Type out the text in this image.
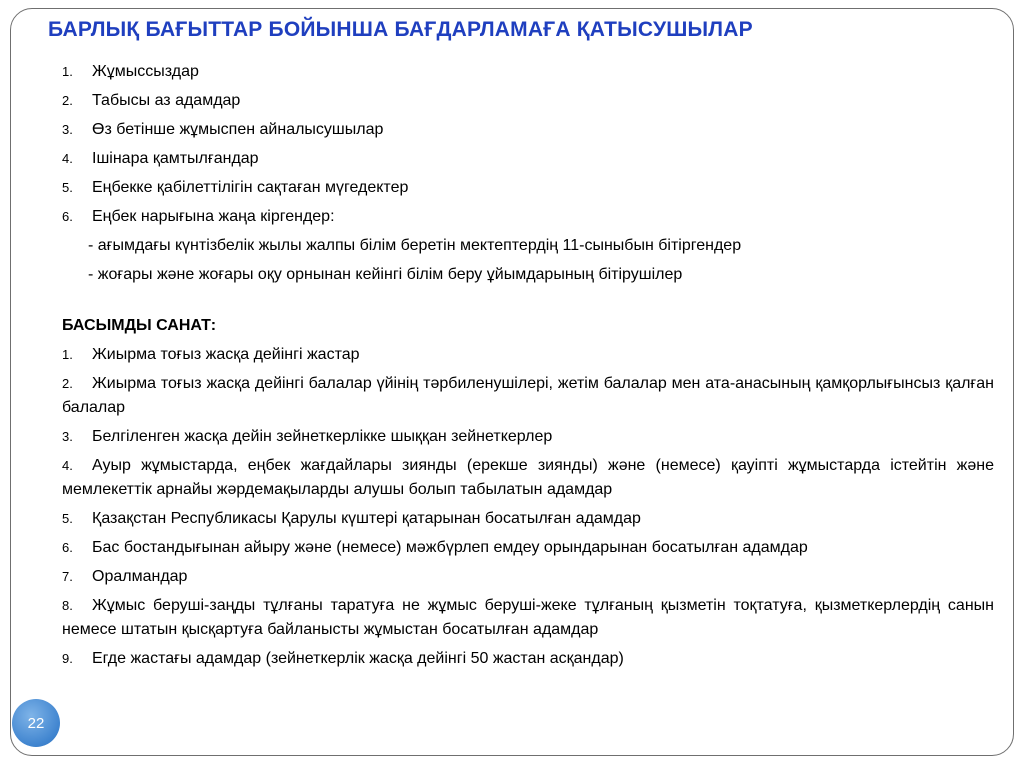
БАРЛЫҚ БАҒЫТТАР БОЙЫНША БАҒДАРЛАМАҒА ҚАТЫСУШЫЛАР
1.	Жұмыссыздар
2.	Табысы аз адамдар
3.	Өз бетінше жұмыспен айналысушылар
4.	Ішінара қамтылғандар
5.	Еңбекке қабілеттілігін сақтаған мүгедектер
6.	Еңбек нарығына жаңа кіргендер:
- ағымдағы күнтізбелік жылы жалпы білім беретін мектептердің 11-сыныбын бітіргендер
- жоғары және жоғары оқу орнынан кейінгі білім беру ұйымдарының бітірушілер
БАСЫМДЫ САНАТ:
1.	Жиырма тоғыз жасқа дейінгі жастар
2. Жиырма тоғыз жасқа дейінгі балалар үйінің тәрбиленушілері, жетім балалар мен ата-анасының қамқорлығынсыз қалған балалар
3.	Белгіленген жасқа дейін зейнеткерлікке шыққан зейнеткерлер
4. Ауыр жұмыстарда, еңбек жағдайлары зиянды (ерекше зиянды) және (немесе) қауіпті жұмыстарда істейтін және мемлекеттік арнайы жәрдемақыларды алушы болып табылатын адамдар
5.	Қазақстан Республикасы Қарулы күштері қатарынан босатылған адамдар
6.	Бас бостандығынан айыру және (немесе) мәжбүрлеп емдеу орындарынан босатылған адамдар
7.	Оралмандар
8. Жұмыс беруші-заңды тұлғаны таратуға не жұмыс беруші-жеке тұлғаның қызметін тоқтатуға, қызметкерлердің санын немесе штатын қысқартуға байланысты жұмыстан босатылған адамдар
9.	Егде жастағы адамдар (зейнеткерлік жасқа дейінгі 50 жастан асқандар)
22
